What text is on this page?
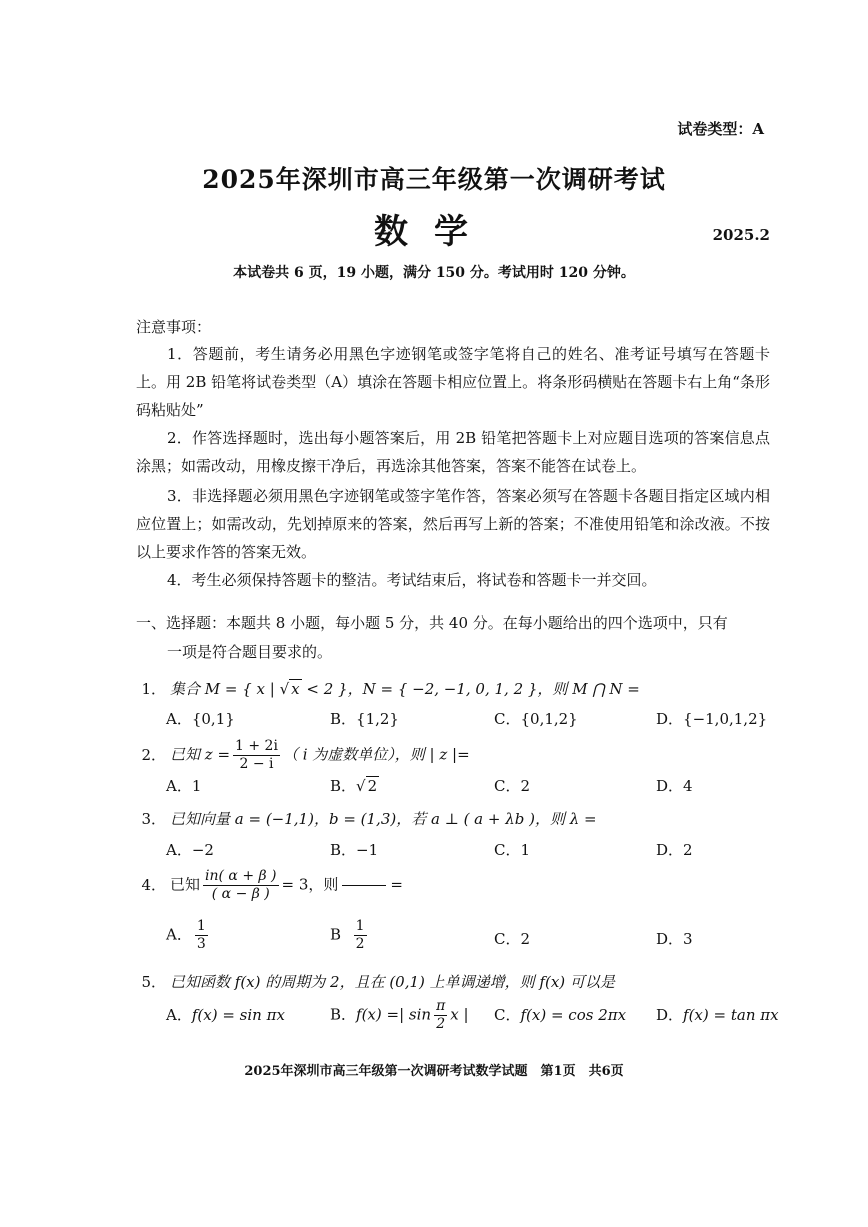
试卷类型：A
2025年深圳市高三年级第一次调研考试
数学	2025.2
本试卷共 6 页，19 小题，满分 150 分。考试用时 120 分钟。
注意事项：
1．答题前，考生请务必用黑色字迹钢笔或签字笔将自己的姓名、准考证号填写在答题卡上。用 2B 铅笔将试卷类型（A）填涂在答题卡相应位置上。将条形码横贴在答题卡右上角“条形码粘贴处”
2．作答选择题时，选出每小题答案后，用 2B 铅笔把答题卡上对应题目选项的答案信息点涂黑；如需改动，用橡皮擦干净后，再选涂其他答案，答案不能答在试卷上。
3．非选择题必须用黑色字迹钢笔或签字笔作答，答案必须写在答题卡各题目指定区域内相应位置上；如需改动，先划掉原来的答案，然后再写上新的答案；不准使用铅笔和涂改液。不按以上要求作答的答案无效。
4．考生必须保持答题卡的整洁。考试结束后，将试卷和答题卡一并交回。
一、选择题：本题共 8 小题，每小题 5 分，共 40 分。在每小题给出的四个选项中，只有
一项是符合题目要求的。
1． 集合 M = { x | √ x < 2 }，N = { −2, −1, 0, 1, 2 }，则 M ⋂ N =
A．{0,1}	B．{1,2}	C．{0,1,2}	D．{−1,0,1,2}
2． 已知 $z = \frac{1 + 2i}{2 - i}$ （ i 为虚数单位），则 | z |=
A．1	B．√ 2	C．2	D．4
3． 已知向量 a = (−1,1)，b = (1,3)，若 a ⊥ ( a + λb )，则 λ =
A．−2	B．−1	C．1	D．2
4． 已知 $\frac{in( \alpha + \beta )}{( \alpha - \beta )} = 3$，则	=
A． $\frac{1}{3}$	B $\frac{1}{2}$	C．2	D．3
5． 已知函数 f(x) 的周期为 2，且在 (0,1) 上单调递增，则 f(x) 可以是
A．f(x) = sin πx	B．f(x) =| $\sin \frac{\pi}{2}$ x | C．f(x) = cos 2πx D．f(x) = tan πx
2025年深圳市高三年级第一次调研考试数学试题　第1页　共6页
